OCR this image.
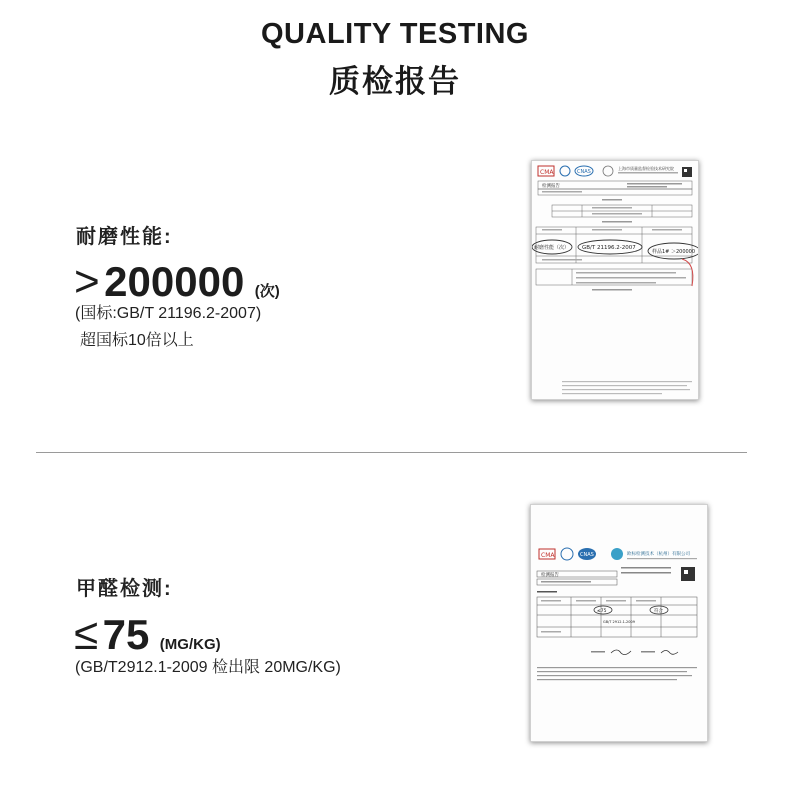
QUALITY TESTING
质检报告
耐磨性能:
> 200000 (次)
(国标:GB/T 21196.2-2007)
超国标10倍以上
CMA	CNAS
上海市质量监督检验技术研究院
检测报告
耐磨性能（次） GB/T 21196.2-2007
样品1# ＞200000
甲醛检测:
≤ 75 (MG/KG)
(GB/T2912.1-2009 检出限 20MG/KG)
CMA	CNAS	欧标检测技术（杭州）有限公司
检测报告
≤75	符合
GB/T 2912.1-2009
